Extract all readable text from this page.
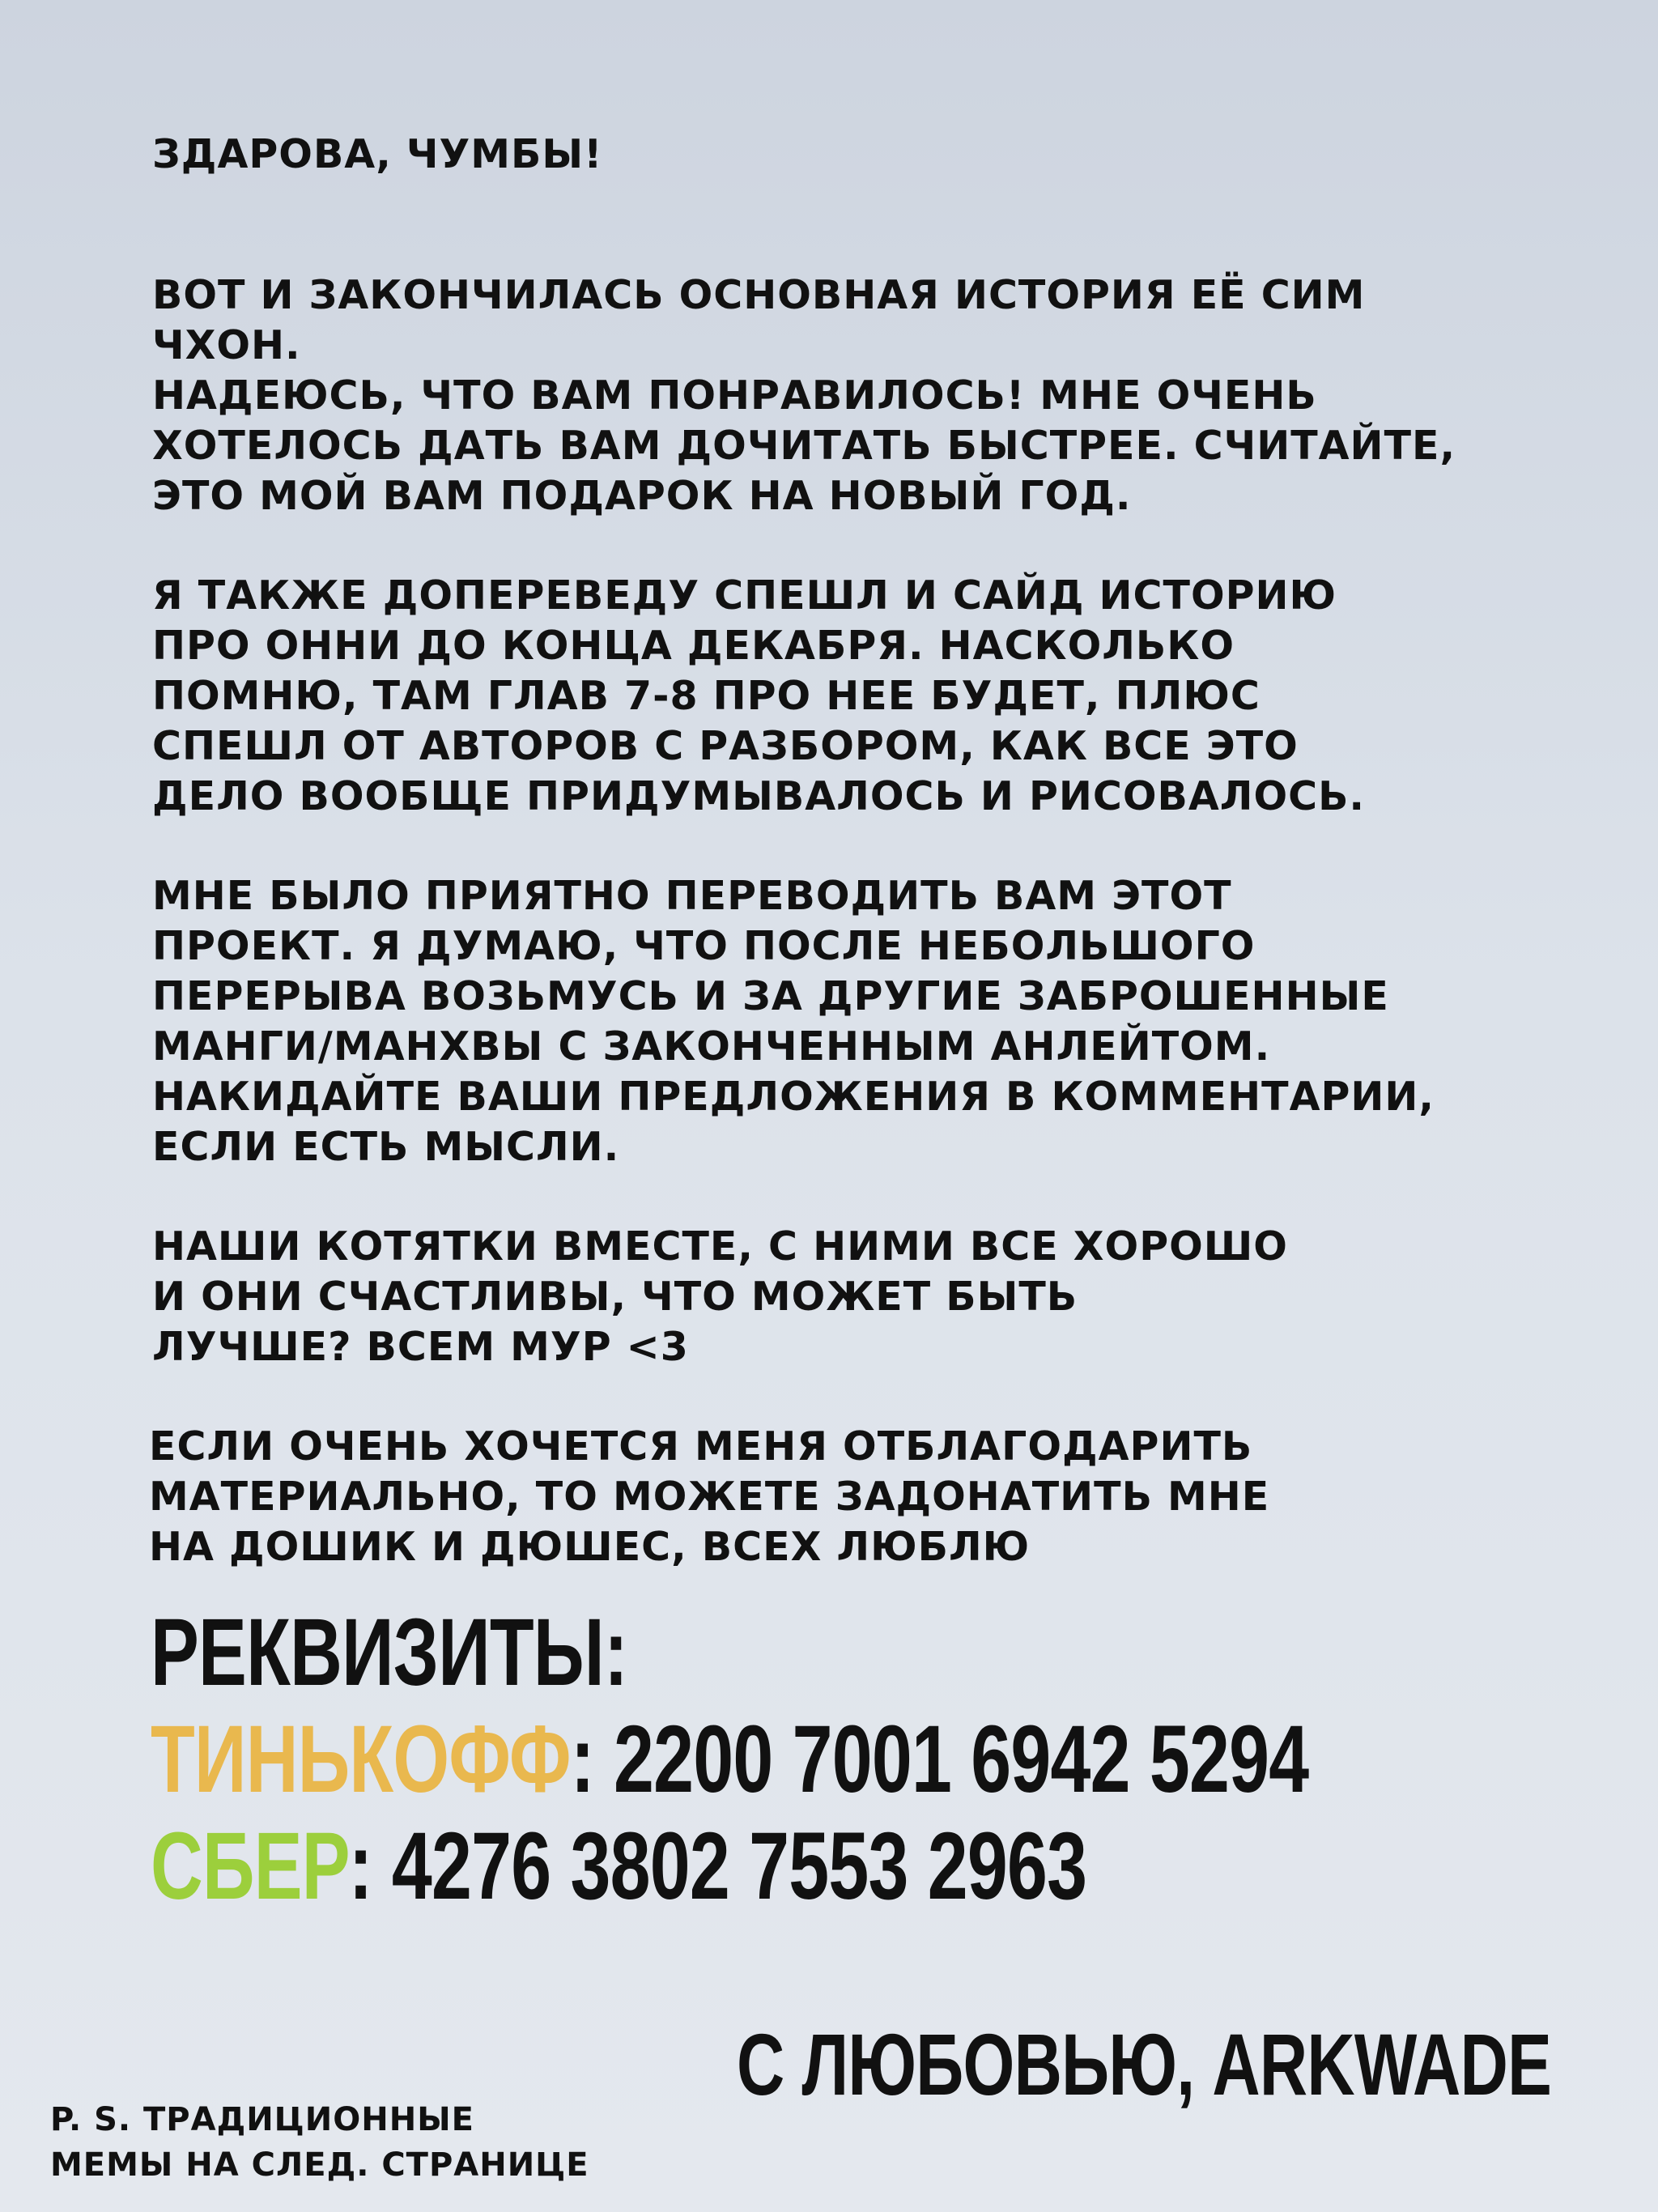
ЗДАРОВА, ЧУМБЫ!

ВОТ И ЗАКОНЧИЛАСЬ ОСНОВНАЯ ИСТОРИЯ ЕЁ СИМ ЧХОН.
НАДЕЮСЬ, ЧТО ВАМ ПОНРАВИЛОСЬ! МНЕ ОЧЕНЬ
ХОТЕЛОСЬ ДАТЬ ВАМ ДОЧИТАТЬ БЫСТРЕЕ. СЧИТАЙТЕ,
ЭТО МОЙ ВАМ ПОДАРОК НА НОВЫЙ ГОД.

Я ТАКЖЕ ДОПЕРЕВЕДУ СПЕШЛ И САЙД ИСТОРИЮ
ПРО ОННИ ДО КОНЦА ДЕКАБРЯ. НАСКОЛЬКО
ПОМНЮ, ТАМ ГЛАВ 7-8 ПРО НЕЕ БУДЕТ, ПЛЮС
СПЕШЛ ОТ АВТОРОВ С РАЗБОРОМ, КАК ВСЕ ЭТО
ДЕЛО ВООБЩЕ ПРИДУМЫВАЛОСЬ И РИСОВАЛОСЬ.

МНЕ БЫЛО ПРИЯТНО ПЕРЕВОДИТЬ ВАМ ЭТОТ
ПРОЕКТ. Я ДУМАЮ, ЧТО ПОСЛЕ НЕБОЛЬШОГО
ПЕРЕРЫВА ВОЗЬМУСЬ И ЗА ДРУГИЕ ЗАБРОШЕННЫЕ
МАНГИ/МАНХВЫ С ЗАКОНЧЕННЫМ АНЛЕЙТОМ.
НАКИДАЙТЕ ВАШИ ПРЕДЛОЖЕНИЯ В КОММЕНТАРИИ,
ЕСЛИ ЕСТЬ МЫСЛИ.

НАШИ КОТЯТКИ ВМЕСТЕ, С НИМИ ВСЕ ХОРОШО
И ОНИ СЧАСТЛИВЫ, ЧТО МОЖЕТ БЫТЬ
ЛУЧШЕ? ВСЕМ МУР <3

ЕСЛИ ОЧЕНЬ ХОЧЕТСЯ МЕНЯ ОТБЛАГОДАРИТЬ
МАТЕРИАЛЬНО, ТО МОЖЕТЕ ЗАДОНАТИТЬ МНЕ
НА ДОШИК И ДЮШЕС, ВСЕХ ЛЮБЛЮ

РЕКВИЗИТЫ:
ТИНЬКОФФ: 2200 7001 6942 5294
СБЕР: 4276 3802 7553 2963
С ЛЮБОВЬЮ, ARKWADE
P. S. ТРАДИЦИОННЫЕ
МЕМЫ НА СЛЕД. СТРАНИЦЕ
